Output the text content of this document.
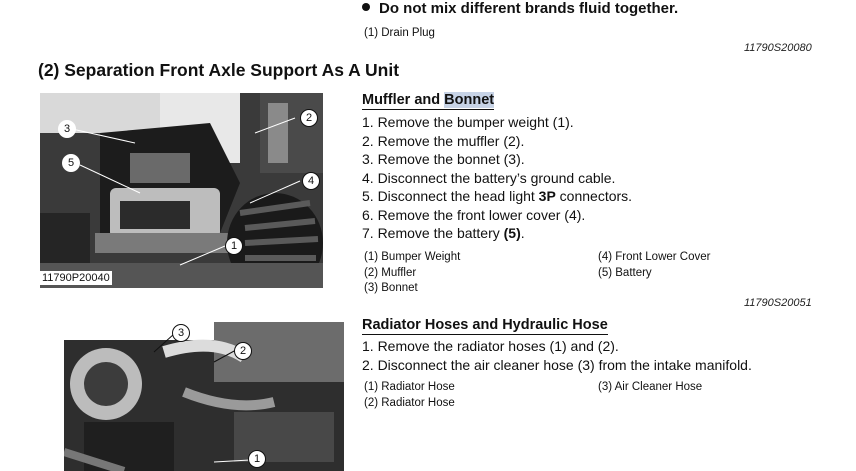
Do not mix different brands fluid together.
(1) Drain Plug
11790S20080
(2) Separation Front Axle Support As A Unit
3
5
2
4
1
11790P20040
Muffler and Bonnet
1. Remove the bumper weight (1).
2. Remove the muffler (2).
3. Remove the bonnet (3).
4. Disconnect the battery’s ground cable.
5. Disconnect the head light 3P connectors.
6. Remove the front lower cover (4).
7. Remove the battery (5).
(1) Bumper Weight
(2) Muffler
(3) Bonnet
(4) Front Lower Cover
(5) Battery
11790S20051
3
2
1
Radiator Hoses and Hydraulic Hose
1. Remove the radiator hoses (1) and (2).
2. Disconnect the air cleaner hose (3) from the intake manifold.
(1) Radiator Hose
(2) Radiator Hose
(3) Air Cleaner Hose
